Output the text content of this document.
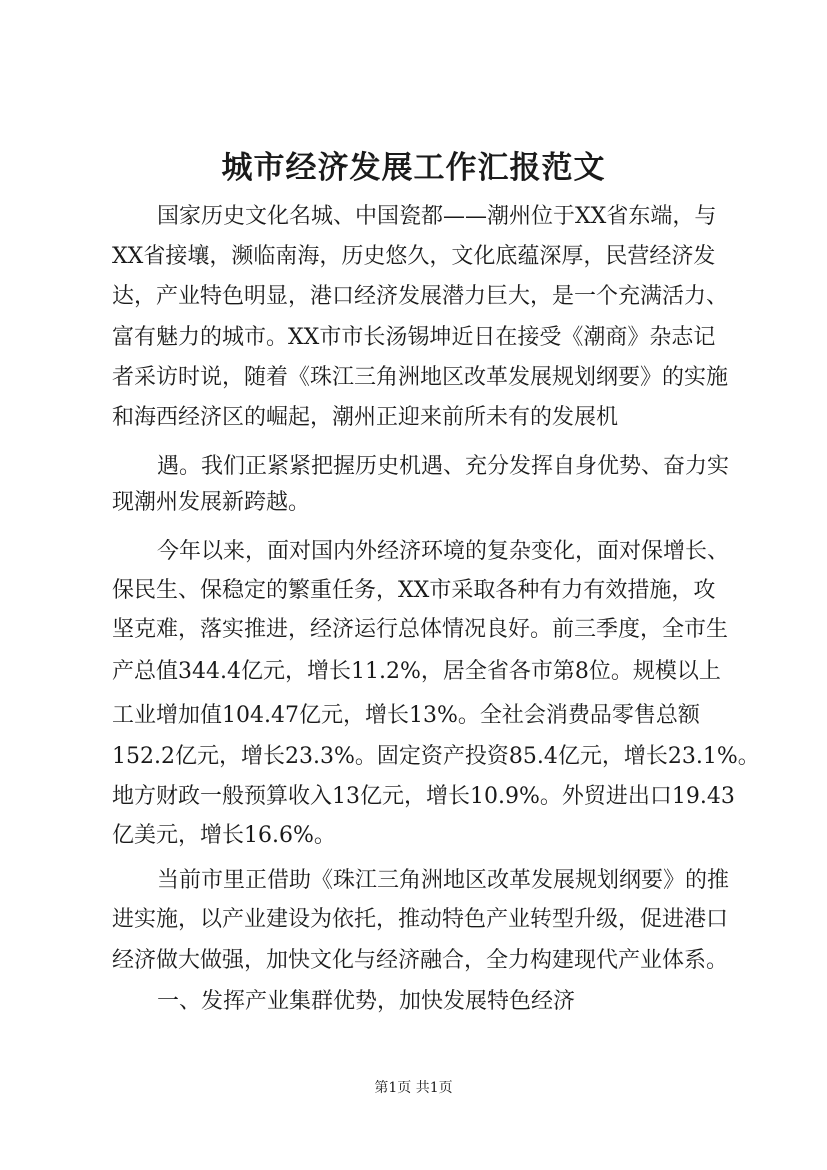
城市经济发展工作汇报范文

国家历史文化名城、中国瓷都——潮州位于XX省东端，与

XX省接壤，濒临南海，历史悠久，文化底蕴深厚，民营经济发

达，产业特色明显，港口经济发展潜力巨大，是一个充满活力、

富有魅力的城市。XX市市长汤锡坤近日在接受《潮商》杂志记

者采访时说，随着《珠江三角洲地区改革发展规划纲要》的实施

和海西经济区的崛起，潮州正迎来前所未有的发展机

遇。我们正紧紧把握历史机遇、充分发挥自身优势、奋力实

现潮州发展新跨越。

今年以来，面对国内外经济环境的复杂变化，面对保增长、

保民生、保稳定的繁重任务，XX市采取各种有力有效措施，攻

坚克难，落实推进，经济运行总体情况良好。前三季度，全市生

产总值344.4亿元，增长11.2%，居全省各市第8位。规模以上

工业增加值104.47亿元，增长13%。全社会消费品零售总额

152.2亿元，增长23.3%。固定资产投资85.4亿元，增长23.1%。

地方财政一般预算收入13亿元，增长10.9%。外贸进出口19.43

亿美元，增长16.6%。

当前市里正借助《珠江三角洲地区改革发展规划纲要》的推

进实施，以产业建设为依托，推动特色产业转型升级，促进港口

经济做大做强，加快文化与经济融合，全力构建现代产业体系。

一、发挥产业集群优势，加快发展特色经济

第1页 共1页
